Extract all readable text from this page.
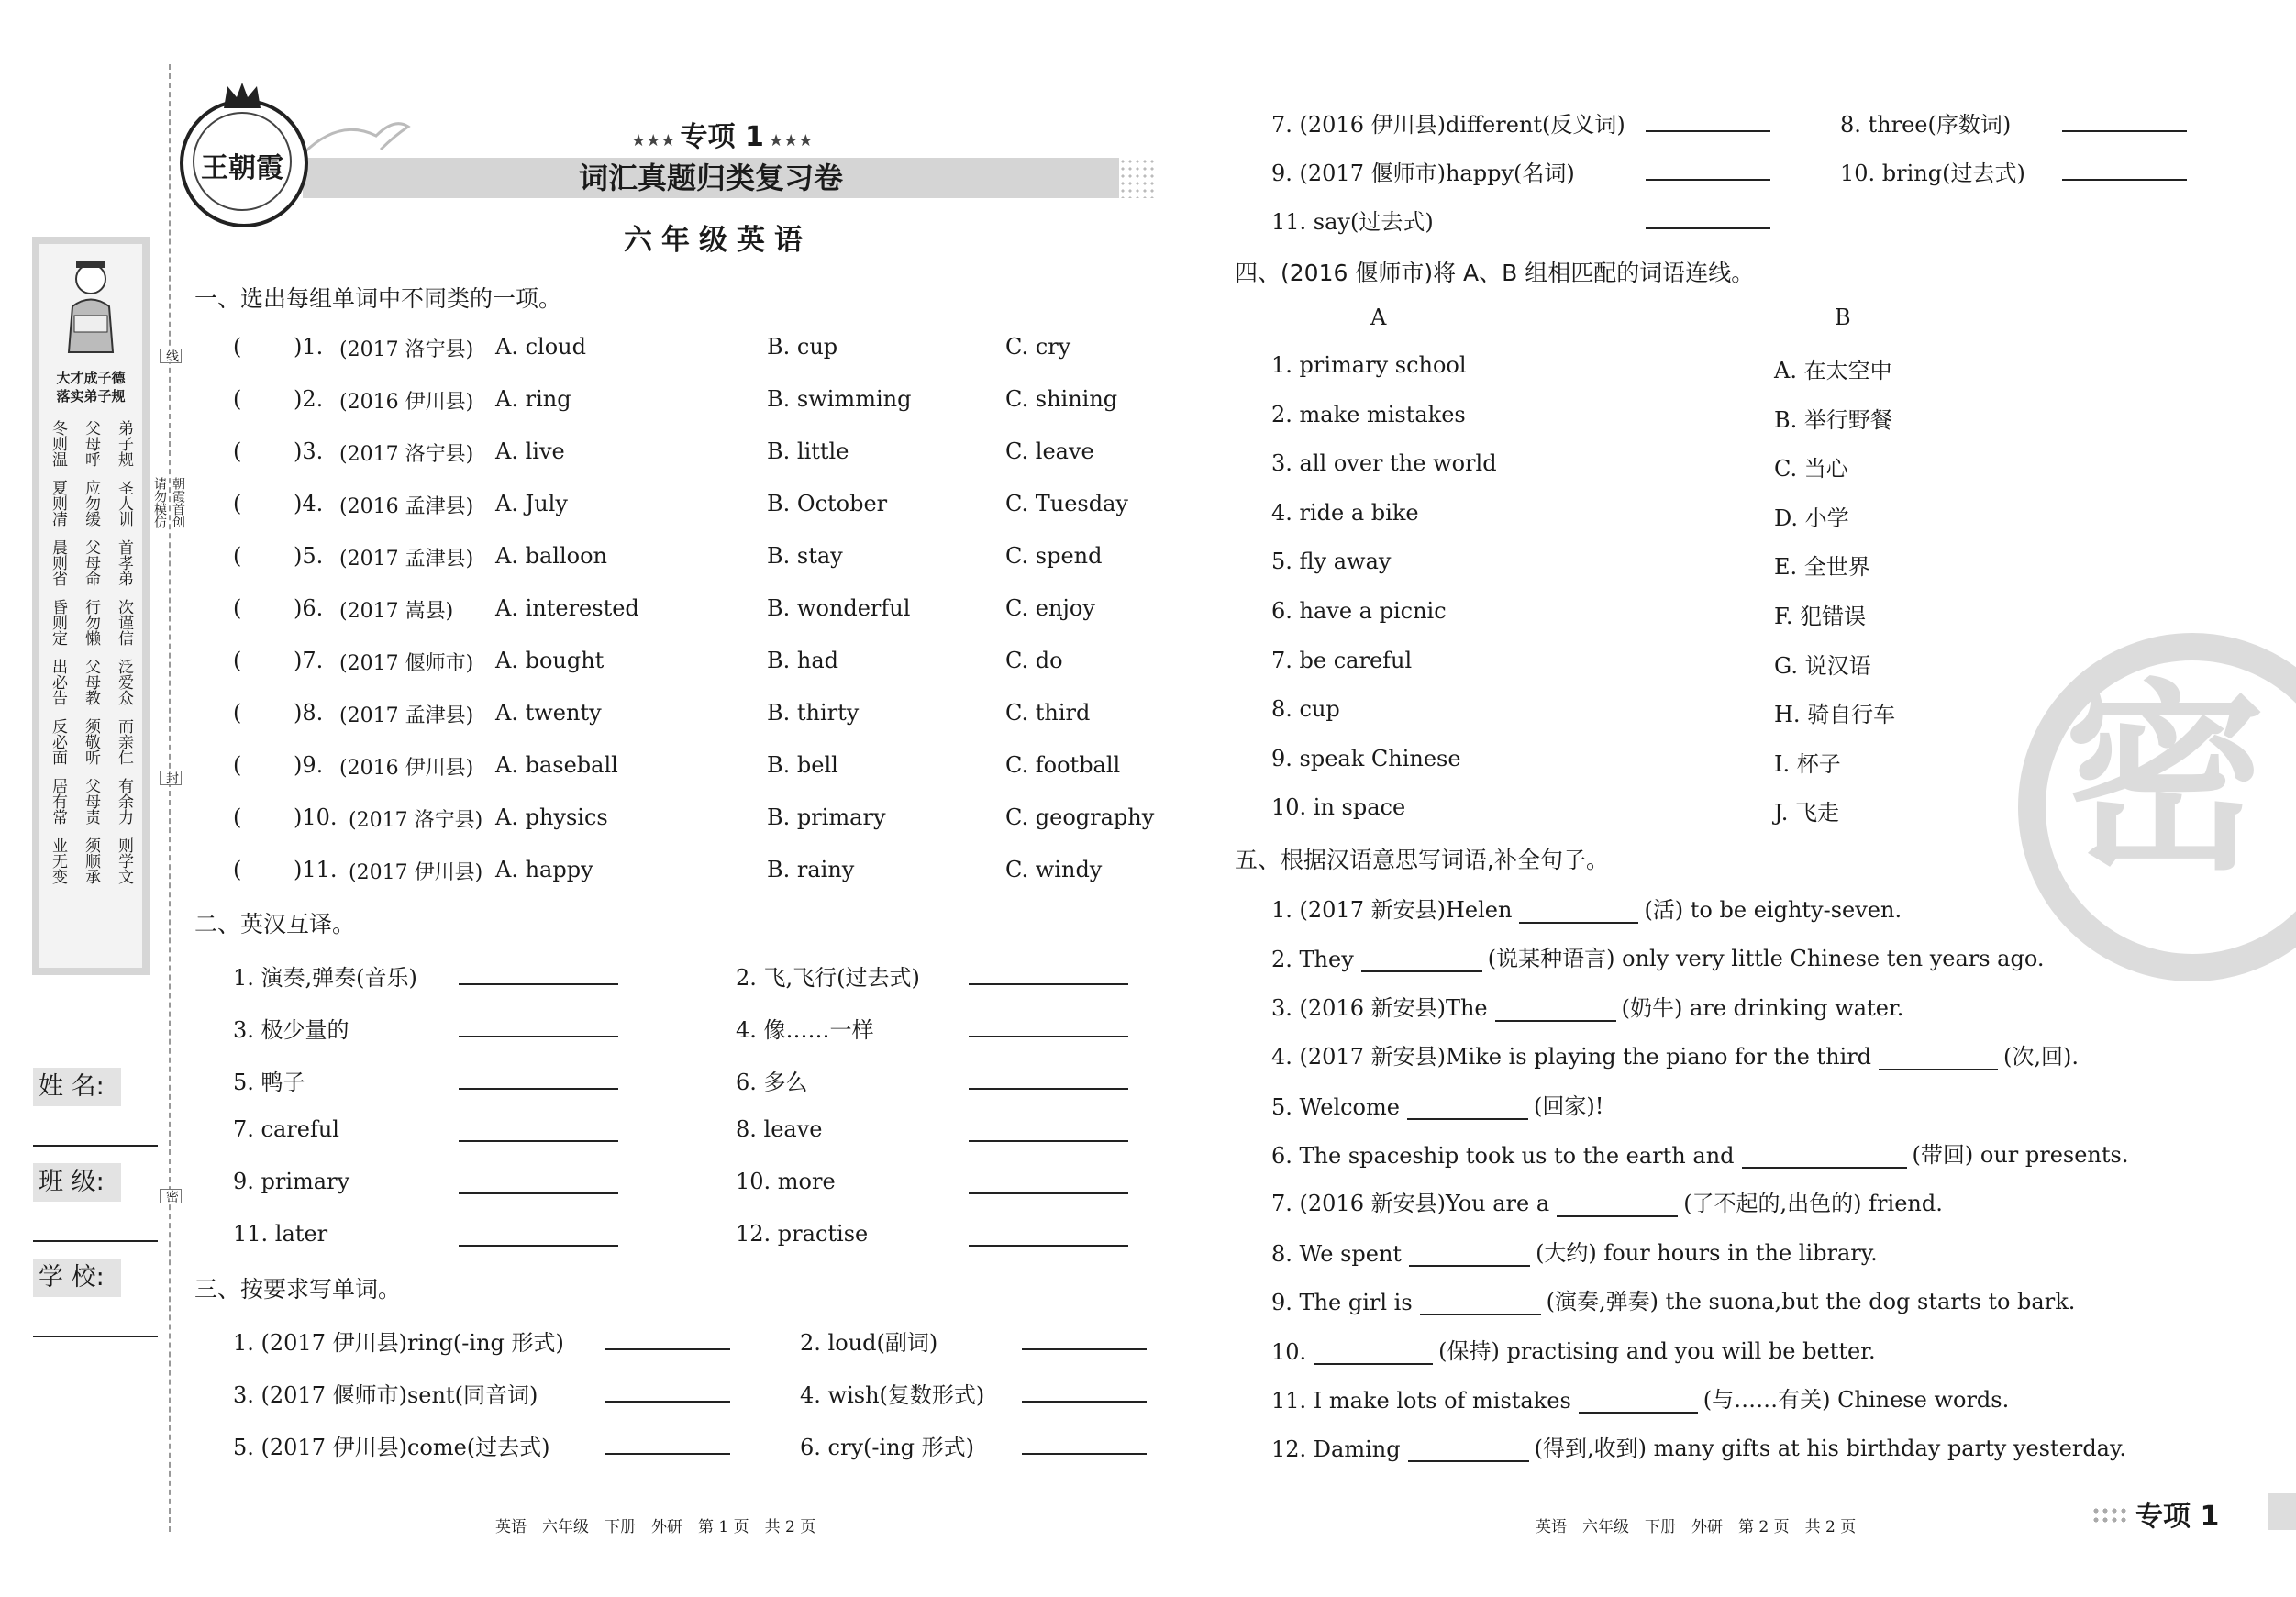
大才成子德
落实弟子规
冬则温 父母呼 弟子规
夏则凊 应勿缓 圣人训
晨则省 父母命 首孝弟
昏则定 行勿懒 次谨信
出必告 父母教 泛爱众
反必面 须敬听 而亲仁
居有常 父母责 有余力
业无变 须顺承 则学文
线
封
密
朝霞首创
请勿模仿
姓 名:
班 级:
学 校:
王朝霞
★★★ 专项 1 ★★★
词汇真题归类复习卷
六年级英语
一、选出每组单词中不同类的一项。
( )1. (2017 洛宁县) A. cloud	B. cup	C. cry
( )2. (2016 伊川县) A. ring	B. swimming	C. shining
( )3. (2017 洛宁县) A. live	B. little	C. leave
( )4. (2016 孟津县) A. July	B. October	C. Tuesday
( )5. (2017 孟津县) A. balloon	B. stay	C. spend
( )6. (2017 嵩县) A. interested	B. wonderful	C. enjoy
( )7. (2017 偃师市) A. bought	B. had	C. do
( )8. (2017 孟津县) A. twenty	B. thirty	C. third
( )9. (2016 伊川县) A. baseball	B. bell	C. football
( )10. (2017 洛宁县) A. physics	B. primary	C. geography
( )11. (2017 伊川县) A. happy	B. rainy	C. windy
二、英汉互译。
1. 演奏,弹奏(音乐)	2. 飞,飞行(过去式)
3. 极少量的	4. 像……一样
5. 鸭子	6. 多么
7. careful	8. leave
9. primary	10. more
11. later	12. practise
三、按要求写单词。
1. (2017 伊川县)ring(-ing 形式)	2. loud(副词)
3. (2017 偃师市)sent(同音词)	4. wish(复数形式)
5. (2017 伊川县)come(过去式)	6. cry(-ing 形式)
7. (2016 伊川县)different(反义词)	8. three(序数词)
9. (2017 偃师市)happy(名词)	10. bring(过去式)
11. say(过去式)
四、(2016 偃师市)将 A、B 组相匹配的词语连线。
A	B
1. primary school	A. 在太空中
2. make mistakes	B. 举行野餐
3. all over the world	C. 当心
4. ride a bike	D. 小学
5. fly away	E. 全世界
6. have a picnic	F. 犯错误
7. be careful	G. 说汉语
8. cup	H. 骑自行车
9. speak Chinese	I. 杯子
10. in space	J. 飞走 密
五、根据汉语意思写词语,补全句子。
1. (2017 新安县)Helen	(活) to be eighty-seven.
2. They	(说某种语言) only very little Chinese ten years ago.
3. (2016 新安县)The	(奶牛) are drinking water.
4. (2017 新安县)Mike is playing the piano for the third	(次,回).
5. Welcome	(回家)!
6. The spaceship took us to the earth and	(带回) our presents.
7. (2016 新安县)You are a	(了不起的,出色的) friend.
8. We spent	(大约) four hours in the library.
9. The girl is	(演奏,弹奏) the suona,but the dog starts to bark.
10.	(保持) practising and you will be better.
11. I make lots of mistakes	(与……有关) Chinese words.
12. Daming	(得到,收到) many gifts at his birthday party yesterday.
英语　六年级　下册　外研　第 1 页　共 2 页	英语　六年级　下册　外研　第 2 页　共 2 页	专项 1
